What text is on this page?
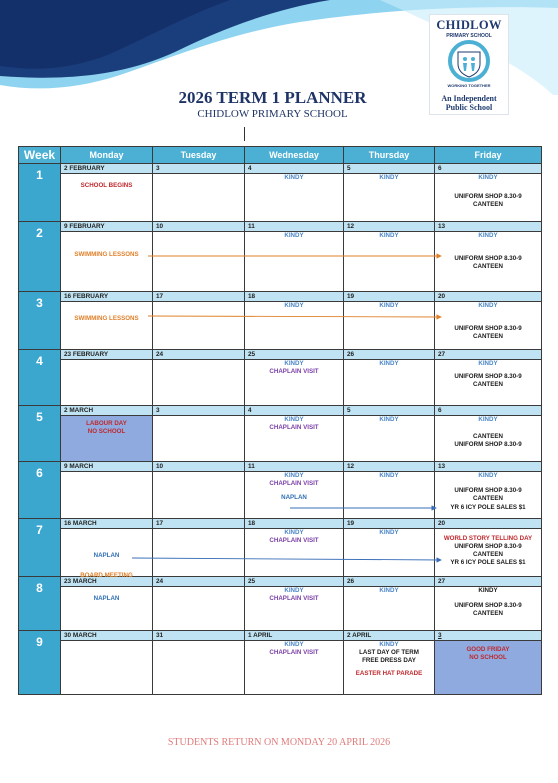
CHIDLOW
PRIMARY SCHOOL
An Independent
Public School
WORKING TOGETHER
2026 TERM 1 PLANNER
CHIDLOW PRIMARY SCHOOL
Week	Monday	Tuesday	Wednesday	Thursday	Friday
1	2 FEBRUARY	3	4	5	6

	SCHOOL BEGINS		KINDY	KINDY	KINDY
UNIFORM SHOP 8.30-9
CANTEEN

2	9 FEBRUARY	10	11	12	13

	SWIMMING LESSONS		KINDY	KINDY	KINDY
UNIFORM SHOP 8.30-9
CANTEEN

3	16 FEBRUARY	17	18	19	20

	SWIMMING LESSONS		KINDY	KINDY	KINDY
UNIFORM SHOP 8.30-9
CANTEEN

4	23 FEBRUARY	24	25	26	27

			KINDY
CHAPLAIN VISIT	KINDY	KINDY
UNIFORM SHOP 8.30-9
CANTEEN

5	2 MARCH	3	4	5	6

	LABOUR DAY
NO SCHOOL		KINDY
CHAPLAIN VISIT	KINDY	KINDY
CANTEEN
UNIFORM SHOP 8.30-9

6	9 MARCH	10	11	12	13

			KINDY
CHAPLAIN VISIT
NAPLAN	KINDY	KINDY
UNIFORM SHOP 8.30-9
CANTEEN
YR 6 ICY POLE SALES $1

7	16 MARCH	17	18	19	20

	NAPLAN
BOARD MEETING		KINDY
CHAPLAIN VISIT	KINDY	WORLD STORY TELLING DAY
UNIFORM SHOP 8.30-9
CANTEEN
YR 6 ICY POLE SALES $1

8	23 MARCH	24	25	26	27

	NAPLAN		KINDY
CHAPLAIN VISIT	KINDY	KINDY
UNIFORM SHOP 8.30-9
CANTEEN

9	30 MARCH	31	1 APRIL	2 APRIL	3

			KINDY
CHAPLAIN VISIT	KINDY
LAST DAY OF TERM
FREE DRESS DAY
EASTER HAT PARADE	GOOD FRIDAY
NO SCHOOL
STUDENTS RETURN ON MONDAY 20 APRIL 2026
